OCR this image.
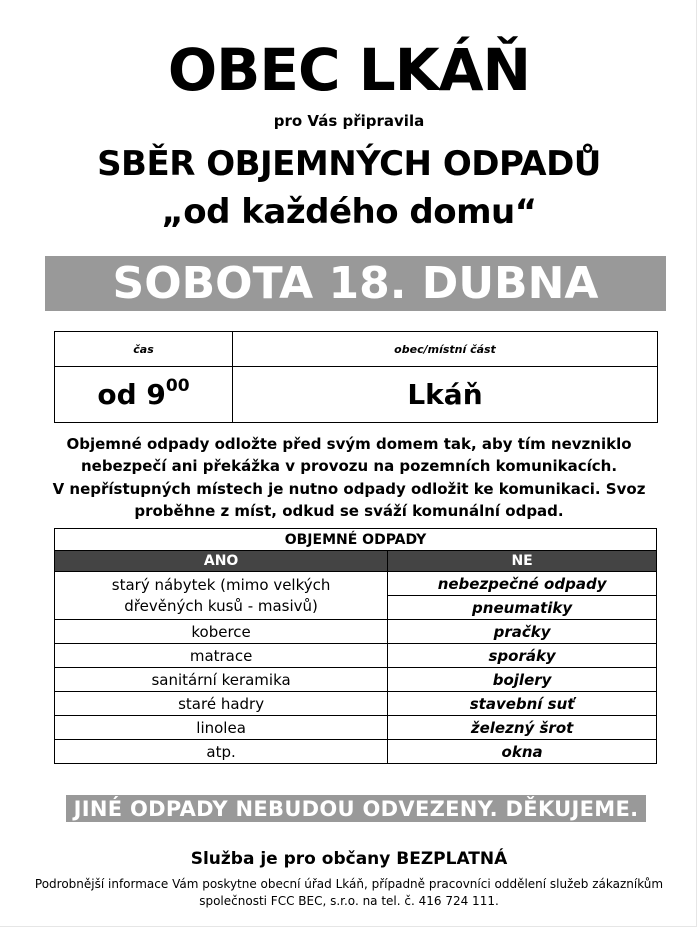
OBEC LKÁŇ
pro Vás připravila
SBĚR OBJEMNÝCH ODPADŮ
„od každého domu“
SOBOTA 18. DUBNA 2026
čas	obec/místní část
od $9^{00}$	Lkáň
Objemné odpady odložte před svým domem tak, aby tím nevzniklo nebezpečí ani překážka v provozu na pozemních komunikacích.
V nepřístupných místech je nutno odpady odložit ke komunikaci. Svoz proběhne z míst, odkud se sváží komunální odpad.
OBJEMNÉ ODPADY	
ANO	NE
starý nábytek (mimo velkých dřevěných kusů - masivů)	nebezpečné odpady
	pneumatiky
koberce	pračky
matrace	sporáky
sanitární keramika	bojlery
staré hadry	stavební suť
linolea	železný šrot
atp.	okna
JINÉ ODPADY NEBUDOU ODVEZENY. DĚKUJEME.
Služba je pro občany BEZPLATNÁ
Podrobnější informace Vám poskytne obecní úřad Lkáň, případně pracovníci oddělení služeb zákazníkům společnosti FCC BEC, s.r.o. na tel. č. 416 724 111.
